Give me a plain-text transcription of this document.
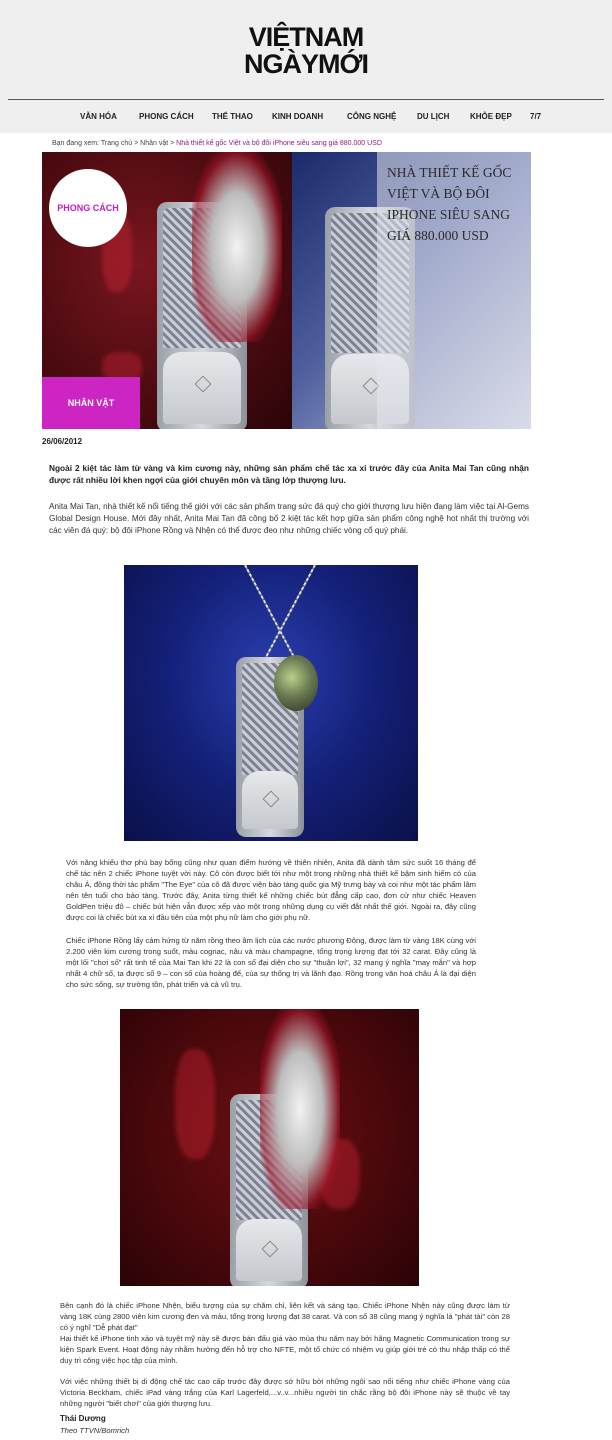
VIỆTNAM
NGÀYMỚI
VĂN HÓA	PHONG CÁCH THỂ THAO KINH DOANH	CÔNG NGHỆ	DU LỊCH	KHỎE ĐẸP 7/7
Bạn đang xem: Trang chủ > Nhân vật > Nhà thiết kế gốc Việt và bộ đôi iPhone siêu sang giá 880.000 USD
PHONG CÁCH
NHÂN VẬT
NHÀ THIẾT KẾ GỐC VIỆT VÀ BỘ ĐÔI IPHONE SIÊU SANG GIÁ 880.000 USD
26/06/2012
Ngoài 2 kiệt tác làm từ vàng và kim cương này, những sản phẩm chế tác xa xỉ trước đây của Anita Mai Tan cũng nhận được rất nhiều lời khen ngợi của giới chuyên môn và tầng lớp thượng lưu.
Anita Mai Tan, nhà thiết kế nổi tiếng thế giới với các sản phẩm trang sức đá quý cho giới thượng lưu hiện đang làm việc tại Al-Gems Global Design House. Mới đây nhất, Anita Mai Tan đã công bố 2 kiệt tác kết hợp giữa sản phẩm công nghệ hot nhất thị trường với các viên đá quý: bộ đôi iPhone Rồng và Nhện có thể được đeo như những chiếc vòng cổ quý phái.
Với năng khiếu thơ phú bay bổng cũng như quan điểm hướng về thiên nhiên, Anita đã dành tâm sức suốt 16 tháng để chế tác nên 2 chiếc iPhone tuyệt vời này. Cô còn được biết tới như một trong những nhà thiết kế bậm sinh hiếm có của châu Á, đồng thời tác phẩm "The Eye" của cô đã được viện bảo tàng quốc gia Mỹ trưng bày và coi như một tác phẩm lâm nên tên tuổi cho bảo tàng. Trước đây, Anita từng thiết kế những chiếc bút đẳng cấp cao, đơn cử như chiếc Heaven GoldPen triệu đô – chiếc bút hiện vẫn được xếp vào một trong những dụng cụ viết đắt nhất thế giới. Ngoài ra, đây cũng được coi là chiếc bút xa xỉ đầu tiên của một phụ nữ làm cho giới phụ nữ.
Chiếc iPhone Rồng lấy cảm hứng từ năm rồng theo âm lịch của các nước phương Đông, được làm từ vàng 18K cùng với 2.200 viên kim cương trong suốt, màu cognac, nâu và màu champagne, tổng trọng lượng đạt tới 32 carat. Đây cũng là một lối "chơi số" rất tinh tế của Mai Tan khi 22 là con số đại diện cho sự "thuận lợi", 32 mang ý nghĩa "may mắn" và hợp nhất 4 chữ số, ta được số 9 – con số của hoàng đế, của sự thống trị và lãnh đạo. Rồng trong văn hoá châu Á là đại diện cho sức sống, sự trường tồn, phát triển và cả vũ trụ.
Bên cạnh đó là chiếc iPhone Nhện, biểu tượng của sự chăm chỉ, liên kết và sáng tạo. Chiếc iPhone Nhện này cũng được làm từ vàng 18K cùng 2800 viên kim cương đen và màu, tổng trọng lượng đạt 38 carat. Và con số 38 cũng mang ý nghĩa là "phát tài" còn 28 có ý nghĩ "Dễ phát đạt"
Hai thiết kế iPhone tinh xảo và tuyệt mỹ này sẽ được bán đấu giá vào mùa thu năm nay bởi hãng Magnetic Communication trong sự kiện Spark Event. Hoạt động này nhằm hưởng đến hỗ trợ cho NFTE, một tổ chức có nhiệm vụ giúp giới trẻ có thu nhập thấp có thể duy trì công việc học tập của mình.
Với việc những thiết bị di động chế tác cao cấp trước đây được sở hữu bởi những ngôi sao nổi tiếng như chiếc iPhone vàng của Victoria Beckham, chiếc iPad vàng trắng của Karl Lagerfeld,...v..v...nhiều người tin chắc rằng bộ đôi iPhone này sẽ thuộc về tay những người "biết chơi" của giới thượng lưu.
Thái Dương
Theo TTVN/Bomrich
